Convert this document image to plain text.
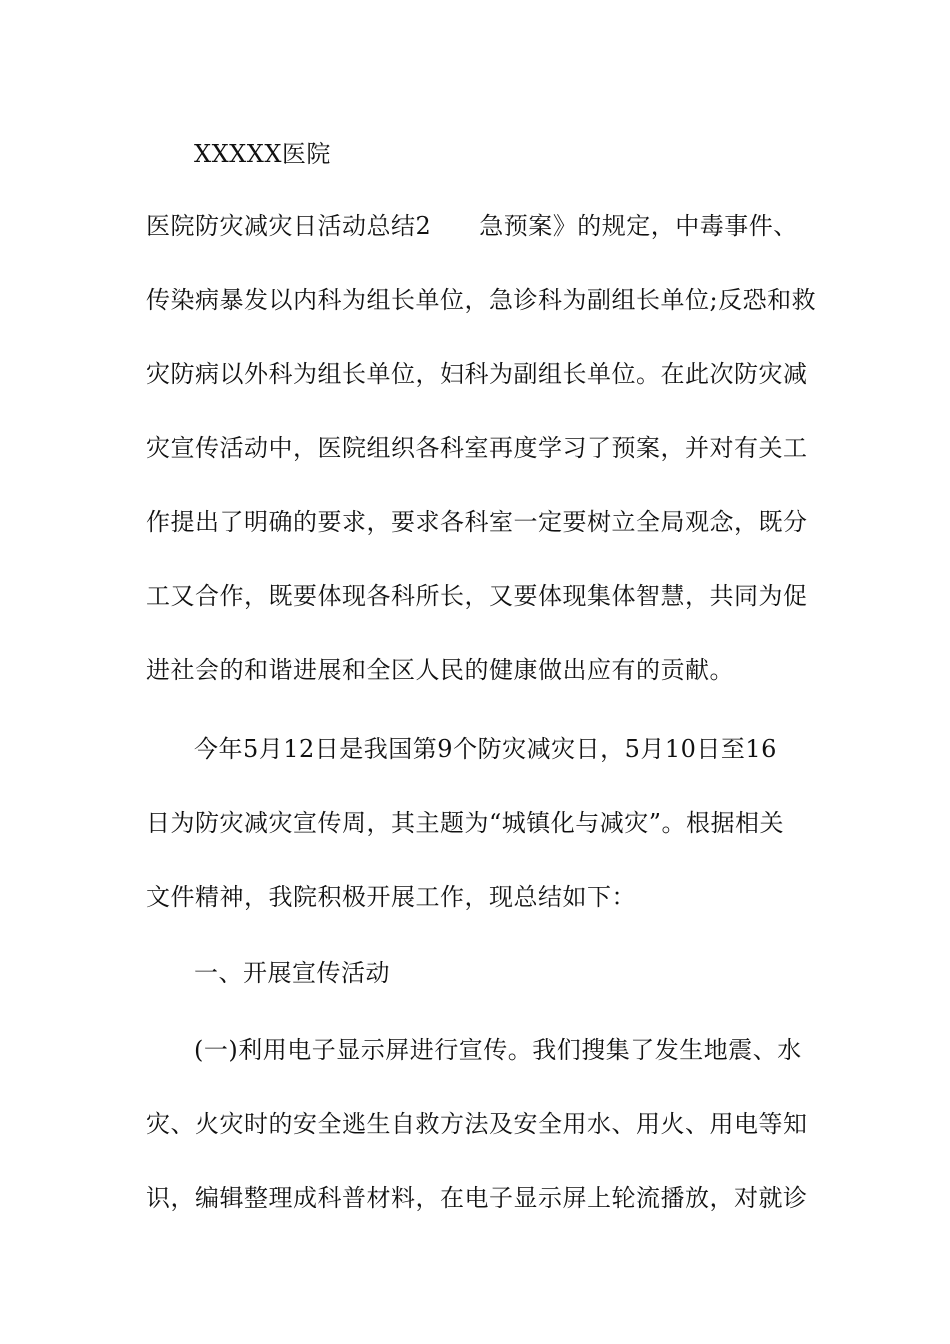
XXXXX医院
医院防灾减灾日活动总结2 急预案》的规定，中毒事件、
传染病暴发以内科为组长单位，急诊科为副组长单位;反恐和救
灾防病以外科为组长单位，妇科为副组长单位。在此次防灾减
灾宣传活动中，医院组织各科室再度学习了预案，并对有关工
作提出了明确的要求，要求各科室一定要树立全局观念，既分
工又合作，既要体现各科所长，又要体现集体智慧，共同为促
进社会的和谐进展和全区人民的健康做出应有的贡献。
今年5月12日是我国第9个防灾减灾日，5月10日至16
日为防灾减灾宣传周，其主题为“城镇化与减灾”。根据相关
文件精神，我院积极开展工作，现总结如下：
一、开展宣传活动
(一)利用电子显示屏进行宣传。我们搜集了发生地震、水
灾、火灾时的安全逃生自救方法及安全用水、用火、用电等知
识，编辑整理成科普材料，在电子显示屏上轮流播放，对就诊
